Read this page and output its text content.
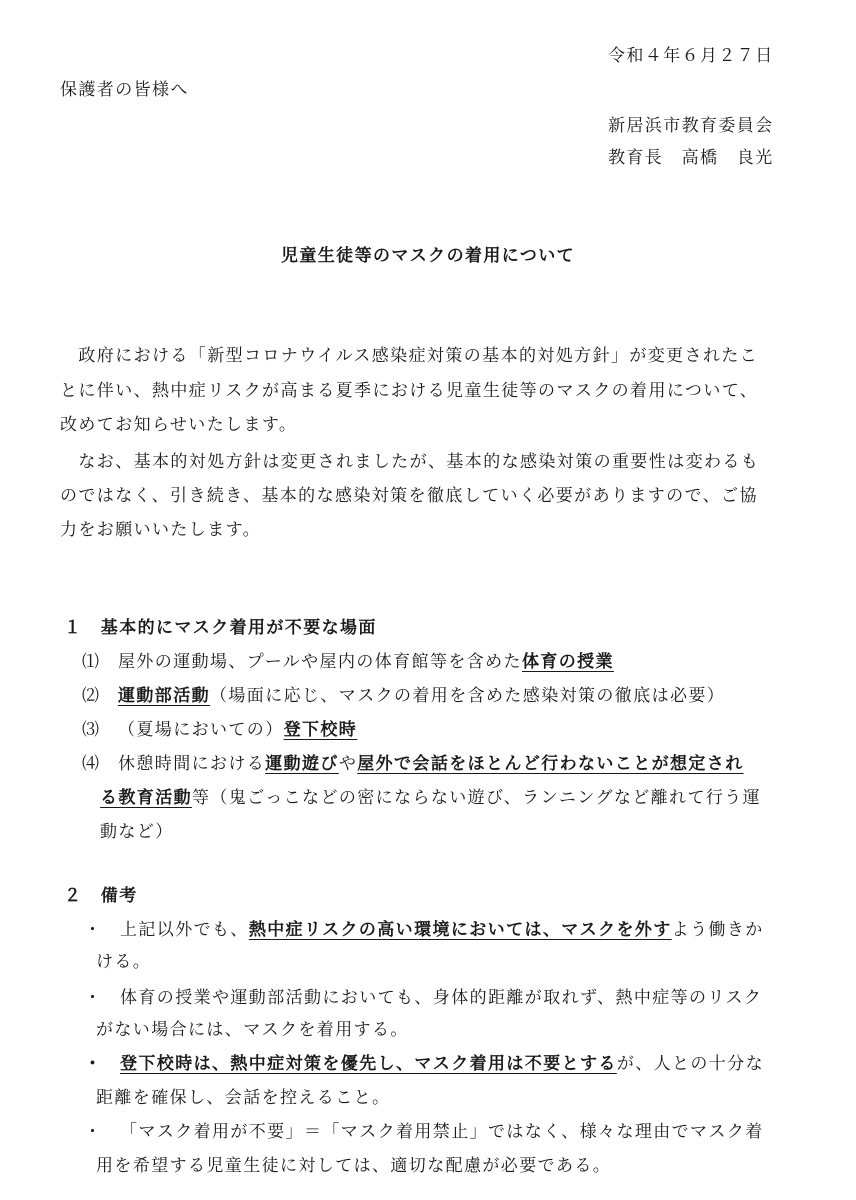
令和４年６月２７日
保護者の皆様へ
新居浜市教育委員会
教育長　高橋　良光
児童生徒等のマスクの着用について
　政府における「新型コロナウイルス感染症対策の基本的対処方針」が変更されたこ
とに伴い、熱中症リスクが高まる夏季における児童生徒等のマスクの着用について、
改めてお知らせいたします。
　なお、基本的対処方針は変更されましたが、基本的な感染対策の重要性は変わるも
のではなく、引き続き、基本的な感染対策を徹底していく必要がありますので、ご協
力をお願いいたします。
１　基本的にマスク着用が不要な場面
⑴ 屋外の運動場、プールや屋内の体育館等を含めた体育の授業
⑵ 運動部活動（場面に応じ、マスクの着用を含めた感染対策の徹底は必要）
⑶ （夏場においての）登下校時
⑷ 休憩時間における運動遊びや屋外で会話をほとんど行わないことが想定され
る教育活動等（鬼ごっこなどの密にならない遊び、ランニングなど離れて行う運
動など）
２　備考
・ 上記以外でも、熱中症リスクの高い環境においては、マスクを外すよう働きか
ける。
・ 体育の授業や運動部活動においても、身体的距離が取れず、熱中症等のリスク
がない場合には、マスクを着用する。
・ 登下校時は、熱中症対策を優先し、マスク着用は不要とするが、人との十分な
距離を確保し、会話を控えること。
・ 「マスク着用が不要」＝「マスク着用禁止」ではなく、様々な理由でマスク着
用を希望する児童生徒に対しては、適切な配慮が必要である。
